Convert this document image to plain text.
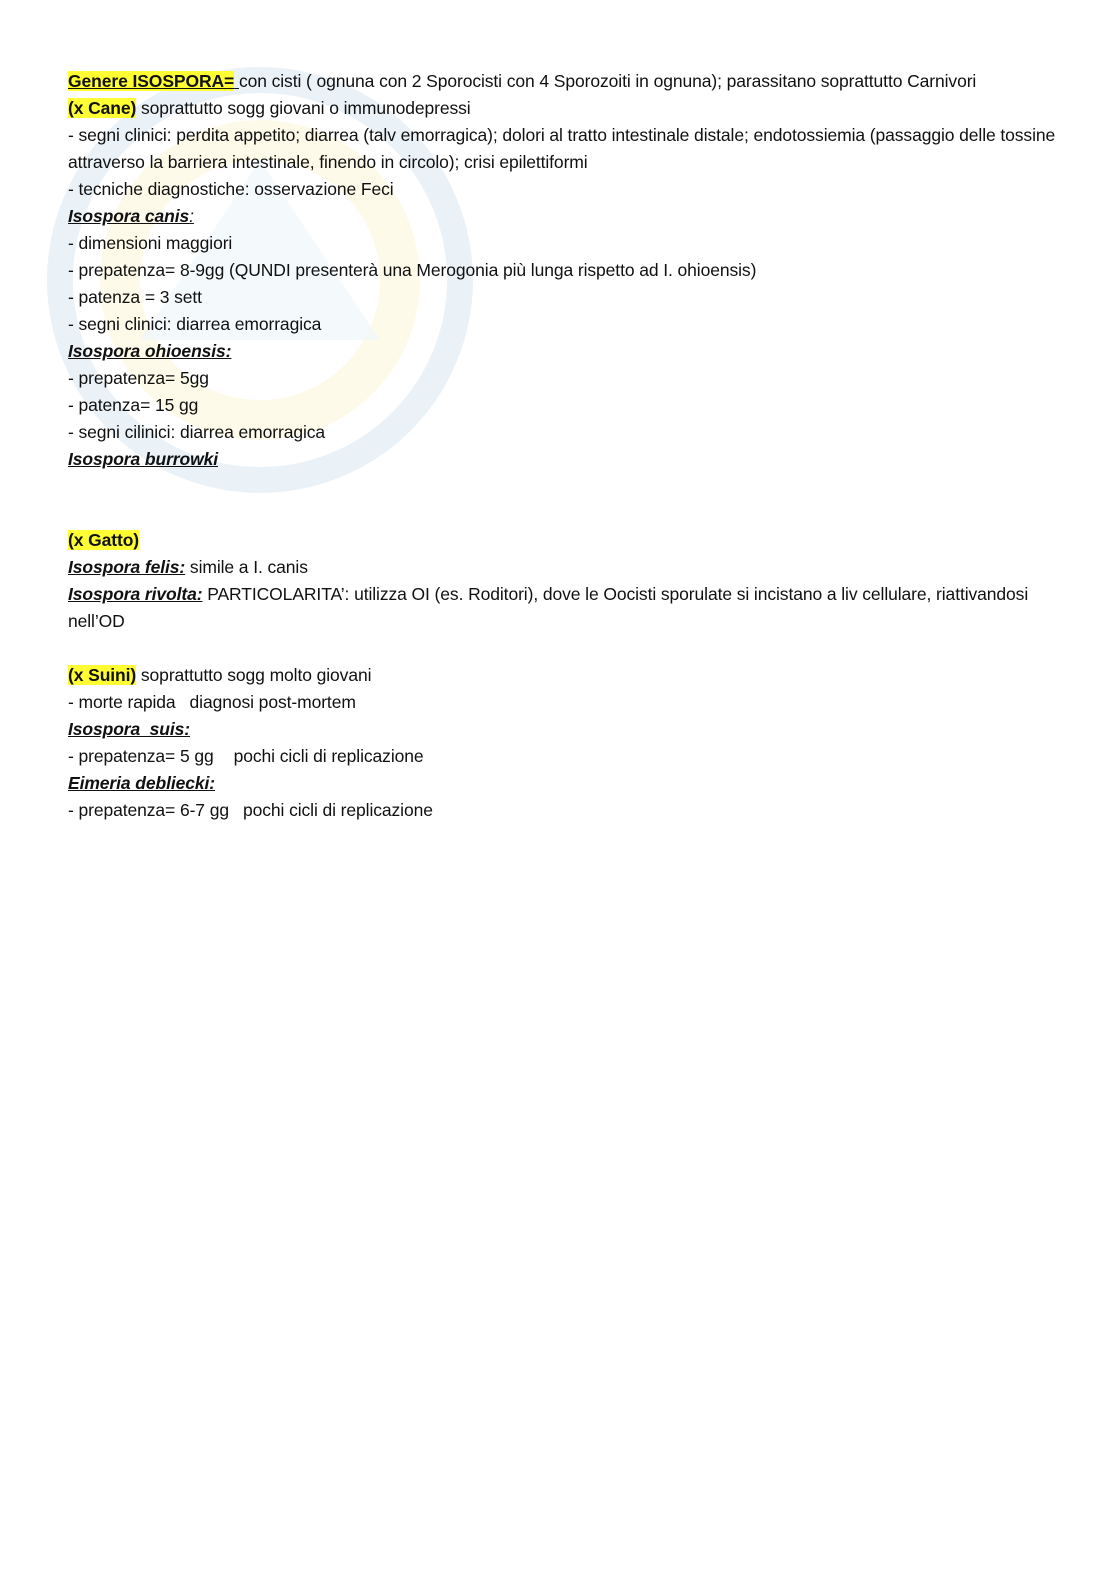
Genere ISOSPORA= con cisti ( ognuna con 2 Sporocisti con 4 Sporozoiti in ognuna); parassitano soprattutto Carnivori
(x Cane) soprattutto sogg giovani o immunodepressi
- segni clinici: perdita appetito; diarrea (talv emorragica); dolori al tratto intestinale distale; endotossiemia (passaggio delle tossine attraverso la barriera intestinale, finendo in circolo); crisi epilettiformi
- tecniche diagnostiche: osservazione Feci
Isospora canis:
- dimensioni maggiori
- prepatenza= 8-9gg (QUNDI presenterà una Merogonia più lunga rispetto ad I. ohioensis)
- patenza = 3 sett
- segni clinici: diarrea emorragica
Isospora ohioensis:
- prepatenza= 5gg
- patenza= 15 gg
- segni cilinici: diarrea emorragica
Isospora burrowki
(x Gatto)
Isospora felis: simile a I. canis
Isospora rivolta: PARTICOLARITA’: utilizza OI (es. Roditori), dove le Oocisti sporulate si incistano a liv cellulare, riattivandosi nell’OD
(x Suini) soprattutto sogg molto giovani
- morte rapida diagnosi post-mortem
Isospora  suis:
- prepatenza= 5 gg pochi cicli di replicazione
Eimeria debliecki:
- prepatenza= 6-7 gg pochi cicli di replicazione
